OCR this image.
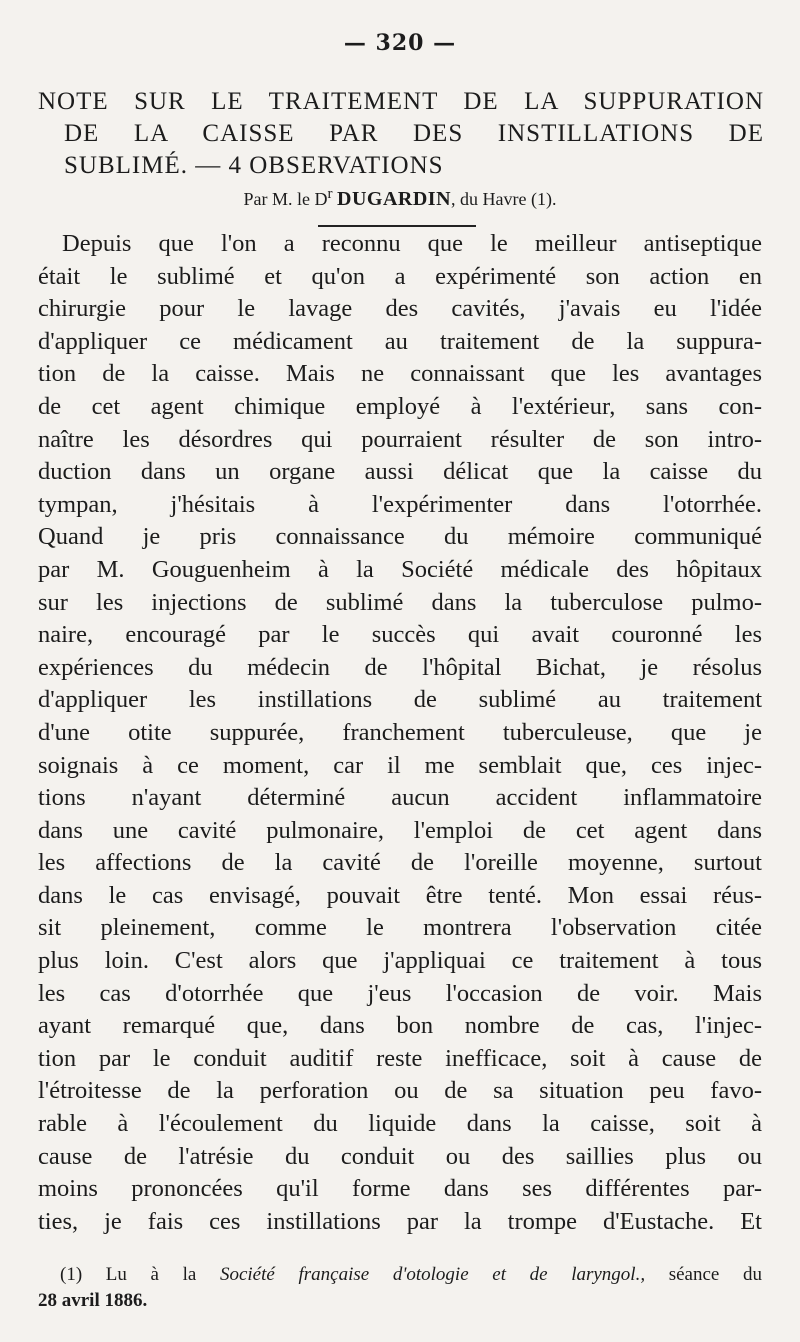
— 320 —
NOTE SUR LE TRAITEMENT DE LA SUPPURATION
DE LA CAISSE PAR DES INSTILLATIONS DE
SUBLIMÉ. — 4 OBSERVATIONS
Par M. le $D^r$ DUGARDIN, du Havre (1).
Depuis que l'on a reconnu que le meilleur antiseptique
était le sublimé et qu'on a expérimenté son action en
chirurgie pour le lavage des cavités, j'avais eu l'idée
d'appliquer ce médicament au traitement de la suppura-
tion de la caisse. Mais ne connaissant que les avantages
de cet agent chimique employé à l'extérieur, sans con-
naître les désordres qui pourraient résulter de son intro-
duction dans un organe aussi délicat que la caisse du
tympan, j'hésitais à l'expérimenter dans l'otorrhée.
Quand je pris connaissance du mémoire communiqué
par M. Gouguenheim à la Société médicale des hôpitaux
sur les injections de sublimé dans la tuberculose pulmo-
naire, encouragé par le succès qui avait couronné les
expériences du médecin de l'hôpital Bichat, je résolus
d'appliquer les instillations de sublimé au traitement
d'une otite suppurée, franchement tuberculeuse, que je
soignais à ce moment, car il me semblait que, ces injec-
tions n'ayant déterminé aucun accident inflammatoire
dans une cavité pulmonaire, l'emploi de cet agent dans
les affections de la cavité de l'oreille moyenne, surtout
dans le cas envisagé, pouvait être tenté. Mon essai réus-
sit pleinement, comme le montrera l'observation citée
plus loin. C'est alors que j'appliquai ce traitement à tous
les cas d'otorrhée que j'eus l'occasion de voir. Mais
ayant remarqué que, dans bon nombre de cas, l'injec-
tion par le conduit auditif reste inefficace, soit à cause de
l'étroitesse de la perforation ou de sa situation peu favo-
rable à l'écoulement du liquide dans la caisse, soit à
cause de l'atrésie du conduit ou des saillies plus ou
moins prononcées qu'il forme dans ses différentes par-
ties, je fais ces instillations par la trompe d'Eustache. Et
(1) Lu à la Société française d'otologie et de laryngol., séance du
28 avril 1886.
